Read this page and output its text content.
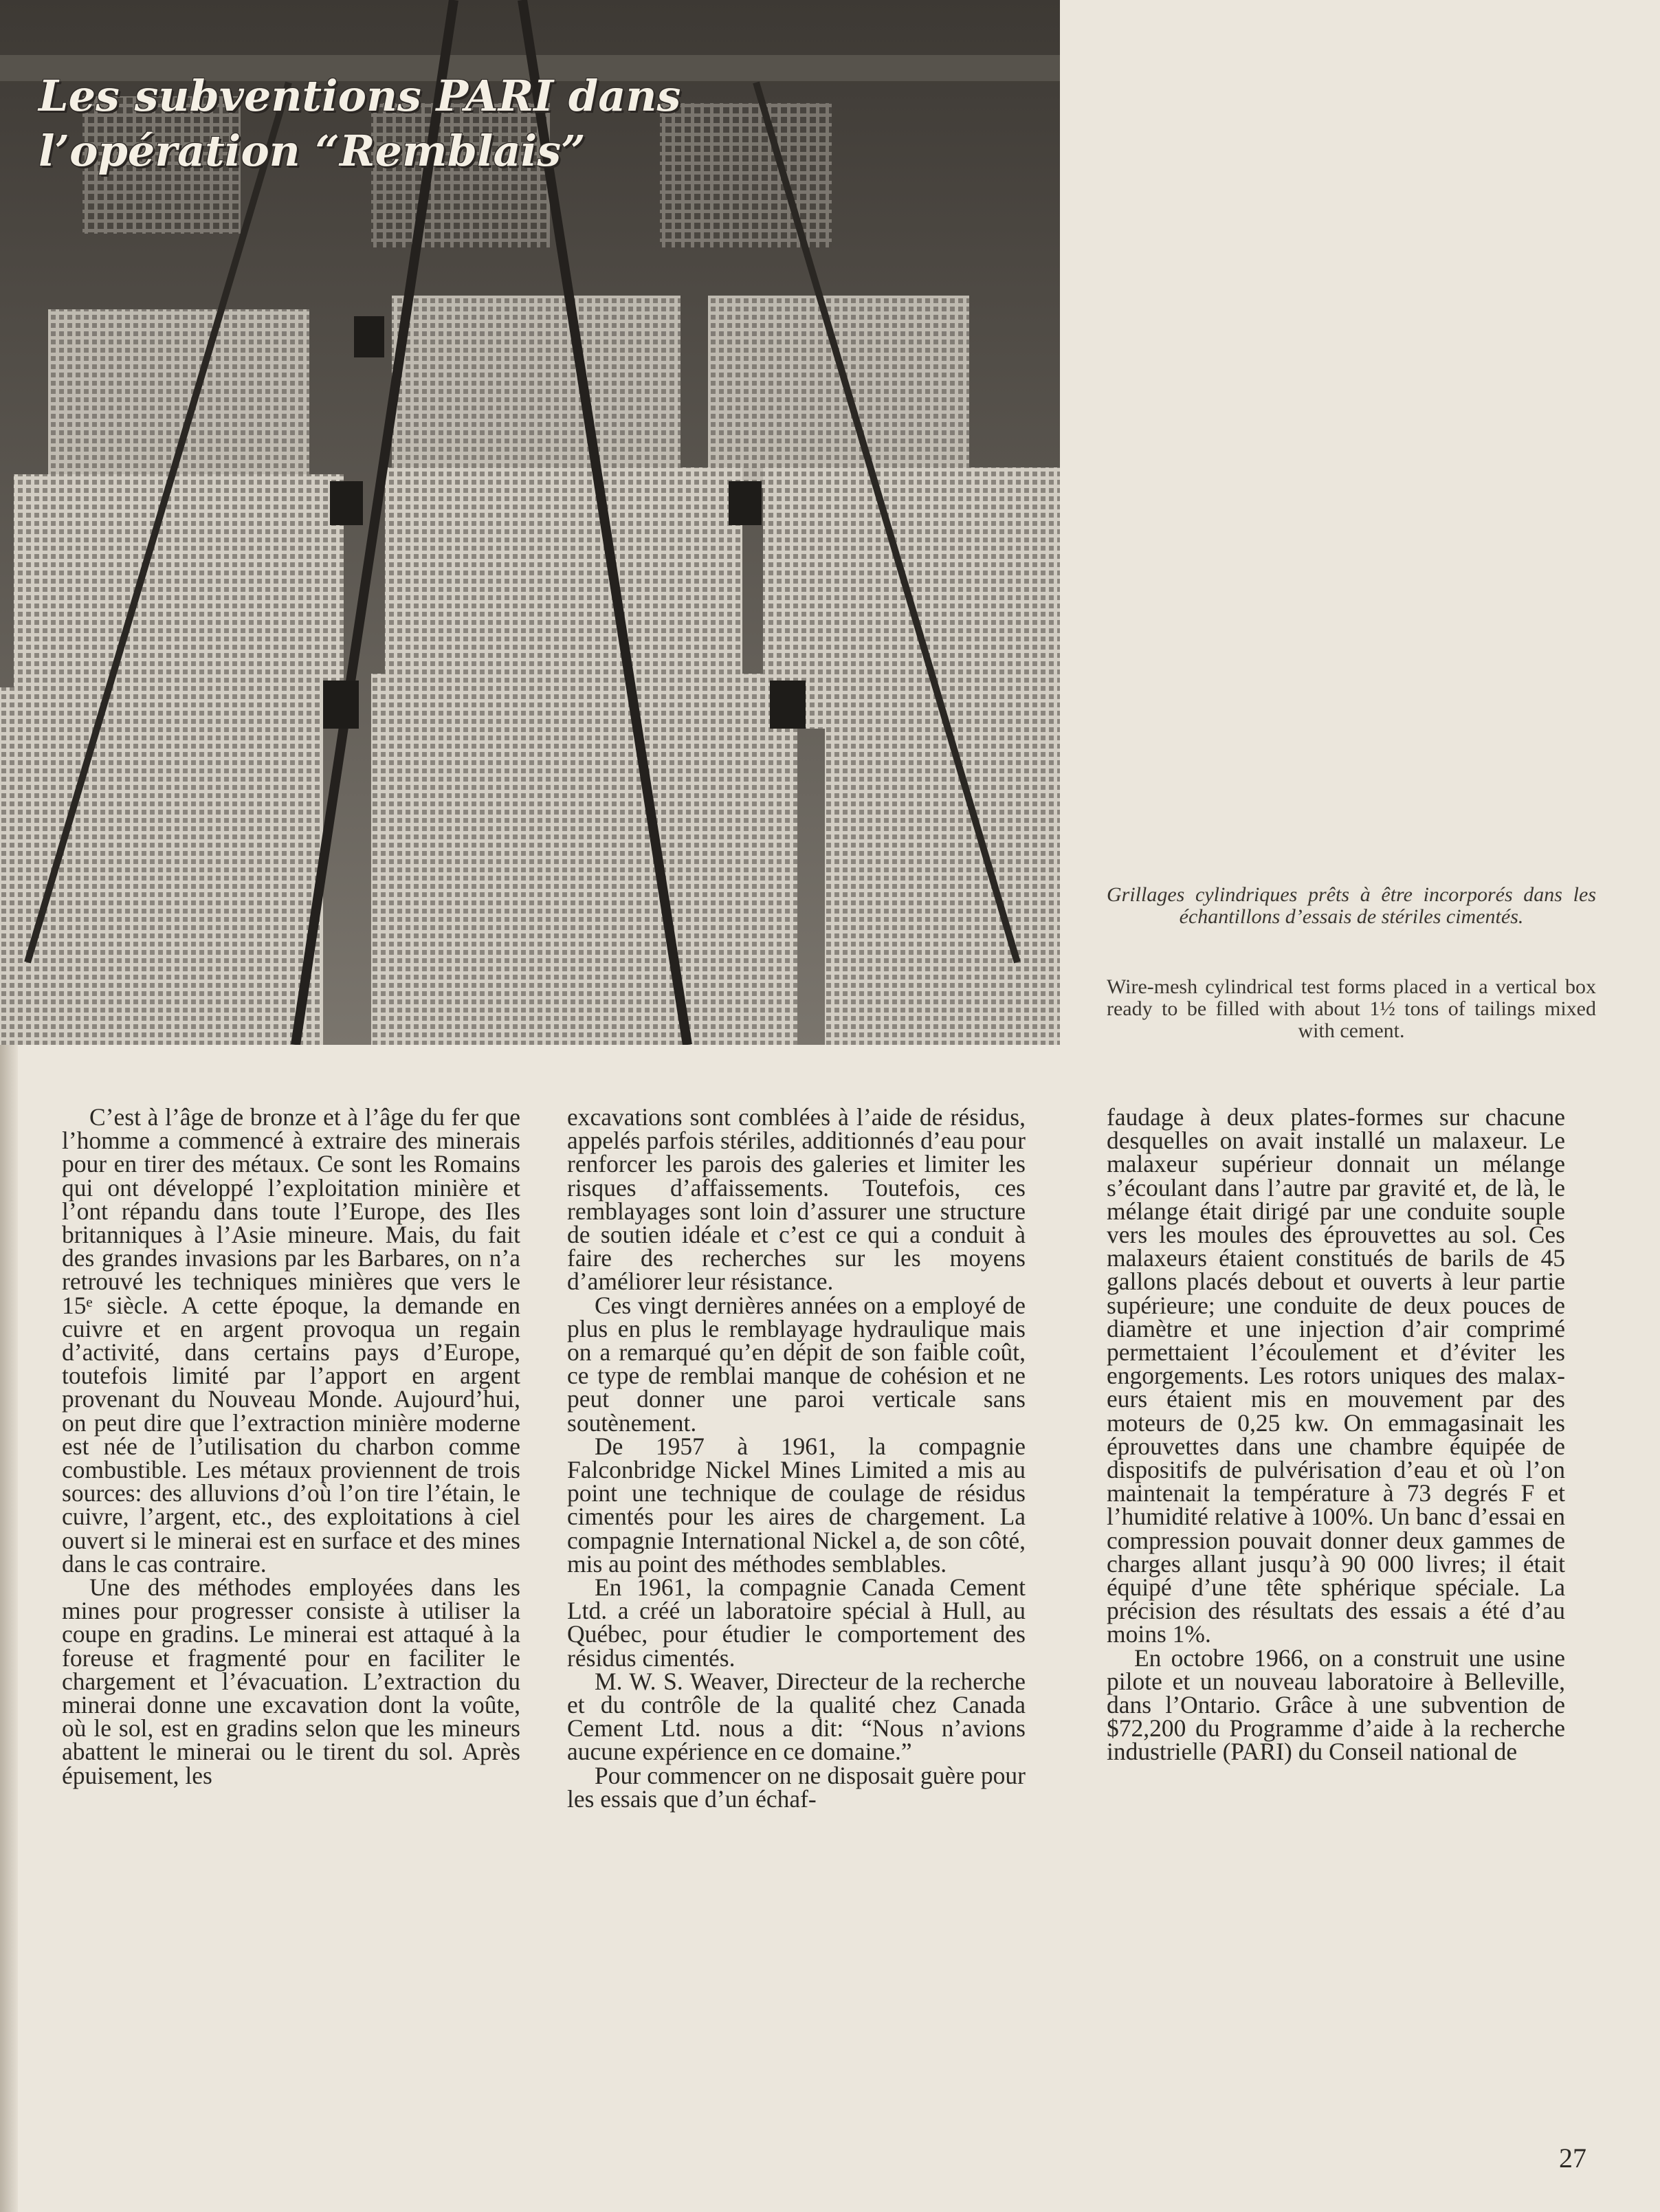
Les subventions PARI dans
l’opération “Remblais”
Grillages cylindriques prêts à être incorporés dans les échantillons d’essais de stériles cimentés.
Wire-mesh cylindrical test forms placed in a vertical box ready to be filled with about 1½ tons of tailings mixed with cement.

C’est à l’âge de bronze et à l’âge du fer que l’homme a commencé à extraire des minerais pour en tirer des métaux. Ce sont les Romains qui ont développé l’exploitation minière et l’ont répandu dans toute l’Europe, des Iles britanniques à l’Asie mineure. Mais, du fait des grandes invasions par les Barbares, on n’a retrouvé les techniques minières que vers le 15ᵉ siècle. A cette époque, la demande en cuivre et en argent provoqua un regain d’activité, dans certains pays d’Europe, toutefois limité par l’apport en argent provenant du Nouveau Monde. Aujourd’hui, on peut dire que l’extraction minière moderne est née de l’utilisation du charbon comme combustible. Les métaux proviennent de trois sources: des alluvions d’où l’on tire l’étain, le cuivre, l’argent, etc., des exploitations à ciel ouvert si le minerai est en surface et des mines dans le cas contraire.

Une des méthodes employées dans les mines pour progresser consiste à utiliser la coupe en gradins. Le minerai est attaqué à la foreuse et fragmenté pour en faciliter le chargement et l’évacuation. L’extraction du minerai donne une excavation dont la voûte, où le sol, est en gradins selon que les mineurs abattent le minerai ou le tirent du sol. Après épuisement, les

excavations sont comblées à l’aide de résidus, appelés parfois stériles, additionnés d’eau pour renforcer les parois des galeries et limiter les risques d’affaissements. Toutefois, ces remblayages sont loin d’assurer une structure de soutien idéale et c’est ce qui a conduit à faire des recherches sur les moyens d’améliorer leur résistance.

Ces vingt dernières années on a employé de plus en plus le remblayage hydraulique mais on a remarqué qu’en dépit de son faible coût, ce type de remblai manque de cohésion et ne peut donner une paroi verticale sans soutènement.

De 1957 à 1961, la compagnie Falconbridge Nickel Mines Limited a mis au point une technique de coulage de résidus cimentés pour les aires de chargement. La compagnie International Nickel a, de son côté, mis au point des méthodes semblables.

En 1961, la compagnie Canada Cement Ltd. a créé un laboratoire spécial à Hull, au Québec, pour étudier le comportement des résidus cimentés.

M. W. S. Weaver, Directeur de la recherche et du contrôle de la qualité chez Canada Cement Ltd. nous a dit: “Nous n’avions aucune expérience en ce domaine.”

Pour commencer on ne disposait guère pour les essais que d’un échaf-

faudage à deux plates-formes sur chacune desquelles on avait installé un malaxeur. Le malaxeur supérieur donnait un mélange s’écoulant dans l’autre par gravité et, de là, le mélange était dirigé par une conduite souple vers les moules des éprouvettes au sol. Ces malaxeurs étaient constitués de barils de 45 gallons placés debout et ouverts à leur partie supérieure; une conduite de deux pouces de diamètre et une injection d’air comprimé permettaient l’écoulement et d’éviter les engorgements. Les rotors uniques des malaxeurs étaient mis en mouvement par des moteurs de 0,25 kw. On emmagasinait les éprouvettes dans une chambre équipée de dispositifs de pulvérisation d’eau et où l’on maintenait la température à 73 degrés F et l’humidité relative à 100%. Un banc d’essai en compression pouvait donner deux gammes de charges allant jusqu’à 90 000 livres; il était équipé d’une tête sphérique spéciale. La précision des résultats des essais a été d’au moins 1%.

En octobre 1966, on a construit une usine pilote et un nouveau laboratoire à Belleville, dans l’Ontario. Grâce à une subvention de $72,200 du Programme d’aide à la recherche industrielle (PARI) du Conseil national de

27
